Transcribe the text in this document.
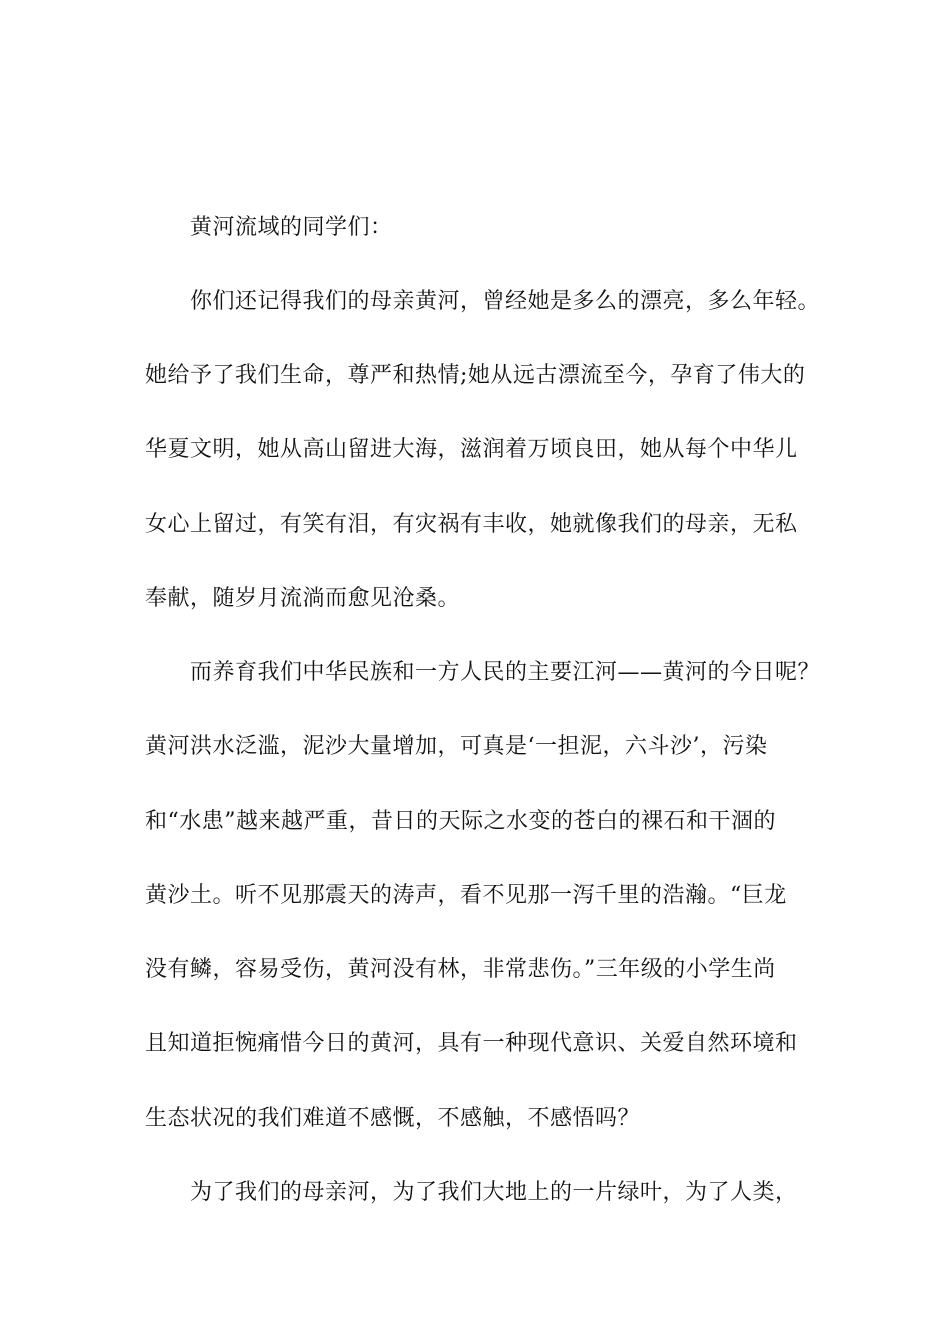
黄河流域的同学们：
你们还记得我们的母亲黄河，曾经她是多么的漂亮，多么年轻。
她给予了我们生命，尊严和热情;她从远古漂流至今，孕育了伟大的
华夏文明，她从高山留进大海，滋润着万顷良田，她从每个中华儿
女心上留过，有笑有泪，有灾祸有丰收，她就像我们的母亲，无私
奉献，随岁月流淌而愈见沧桑。
而养育我们中华民族和一方人民的主要江河——黄河的今日呢？
黄河洪水泛滥，泥沙大量增加，可真是‘一担泥，六斗沙’，污染
和“水患”越来越严重，昔日的天际之水变的苍白的裸石和干涸的
黄沙土。听不见那震天的涛声，看不见那一泻千里的浩瀚。“巨龙
没有鳞，容易受伤，黄河没有林，非常悲伤。”三年级的小学生尚
且知道拒惋痛惜今日的黄河，具有一种现代意识、关爱自然环境和
生态状况的我们难道不感慨，不感触，不感悟吗？
为了我们的母亲河，为了我们大地上的一片绿叶，为了人类，
